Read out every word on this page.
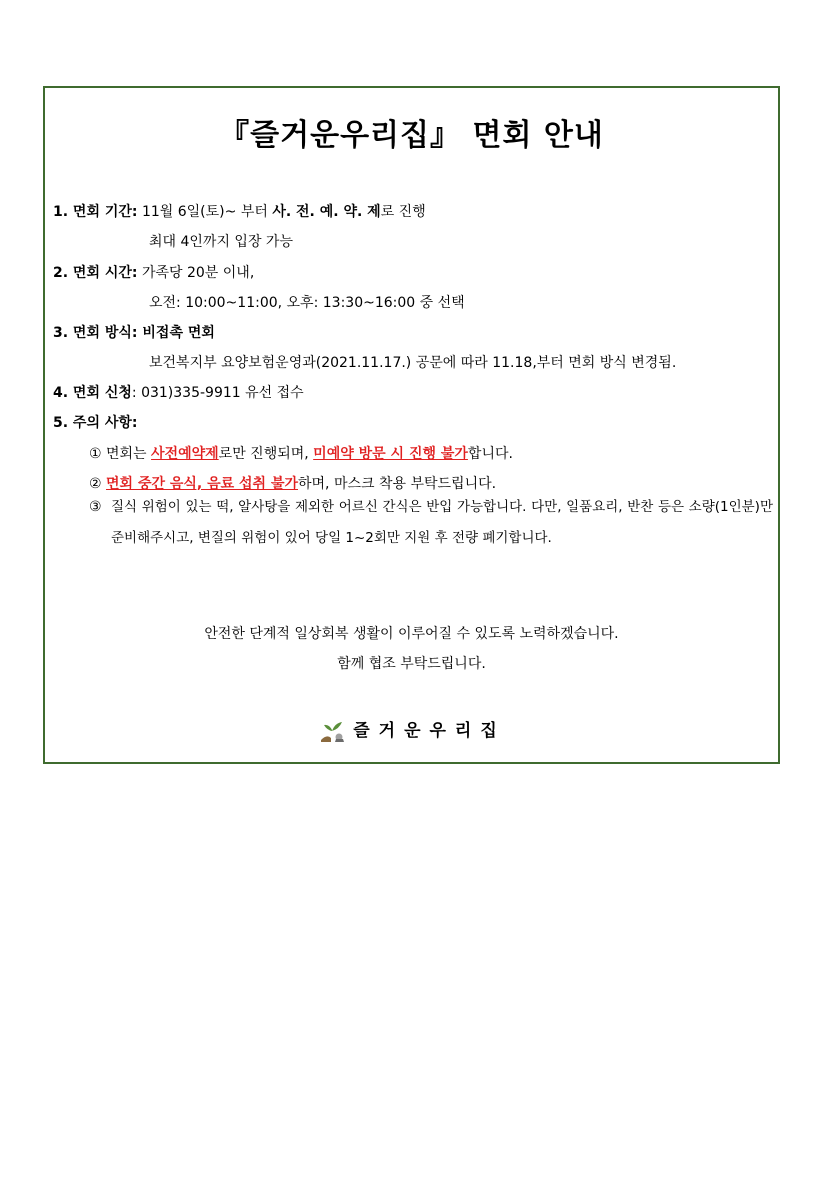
『즐거운우리집』 면회 안내
1. 면회 기간: 11월 6일(토)~ 부터 사. 전. 예. 약. 제로 진행
최대 4인까지 입장 가능
2. 면회 시간: 가족당 20분 이내,
오전: 10:00~11:00, 오후: 13:30~16:00 중 선택
3. 면회 방식: 비접촉 면회
보건복지부 요양보험운영과(2021.11.17.) 공문에 따라 11.18,부터 면회 방식 변경됨.
4. 면회 신청: 031)335-9911 유선 접수
5. 주의 사항:
① 면회는 사전예약제로만 진행되며, 미예약 방문 시 진행 불가합니다.
② 면회 중간 음식, 음료 섭취 불가하며, 마스크 착용 부탁드립니다.
③ 질식 위험이 있는 떡, 알사탕을 제외한 어르신 간식은 반입 가능합니다. 다만, 일품요리, 반찬 등은 소량(1인분)만 준비해주시고, 변질의 위험이 있어 당일 1~2회만 지원 후 전량 폐기합니다.
안전한 단계적 일상회복 생활이 이루어질 수 있도록 노력하겠습니다.
함께 협조 부탁드립니다.
즐거운우리집
